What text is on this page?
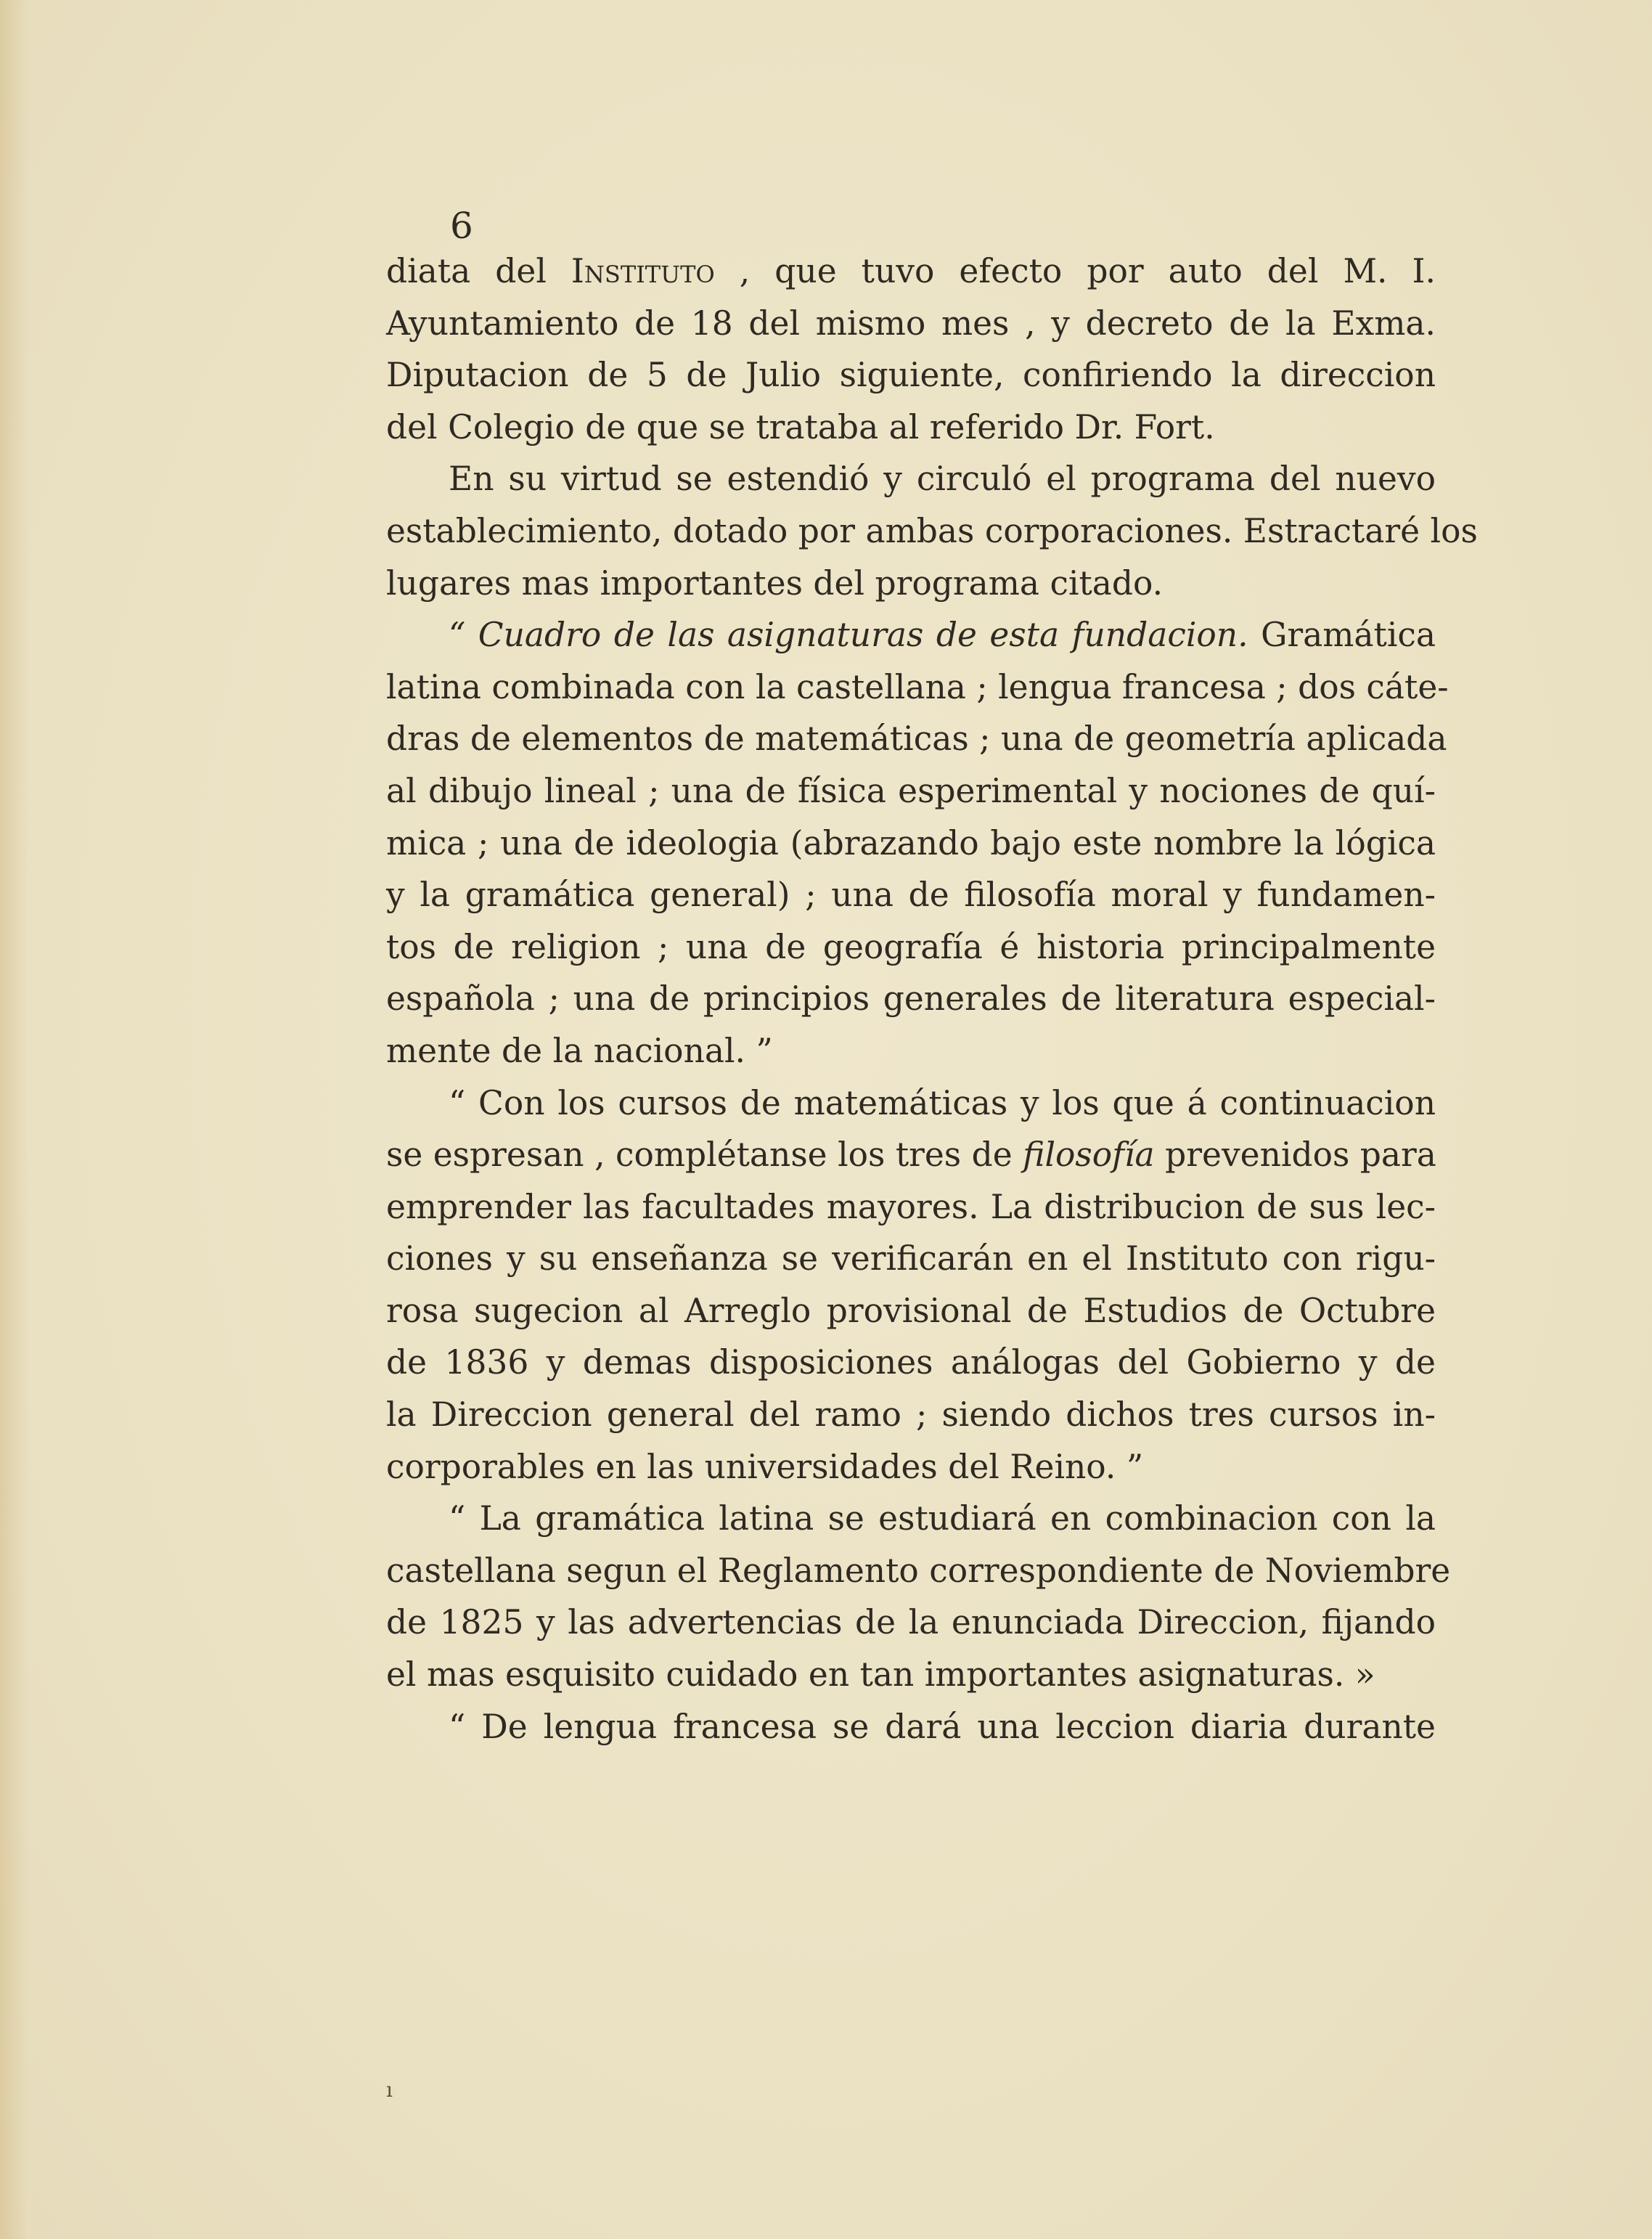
6
diata del Instituto , que tuvo efecto por auto del M. I.
Ayuntamiento de 18 del mismo mes , y decreto de la Exma.
Diputacion de 5 de Julio siguiente, confiriendo la direccion
del Colegio de que se trataba al referido Dr. Fort.
En su virtud se estendió y circuló el programa del nuevo
establecimiento, dotado por ambas corporaciones. Estractaré los
lugares mas importantes del programa citado.
“ Cuadro de las asignaturas de esta fundacion. Gramática
latina combinada con la castellana ; lengua francesa ; dos cáte-
dras de elementos de matemáticas ; una de geometría aplicada
al dibujo lineal ; una de física esperimental y nociones de quí-
mica ; una de ideologia (abrazando bajo este nombre la lógica
y la gramática general) ; una de filosofía moral y fundamen-
tos de religion ; una de geografía é historia principalmente
española ; una de principios generales de literatura especial-
mente de la nacional. ”
“ Con los cursos de matemáticas y los que á continuacion
se espresan , complétanse los tres de filosofía prevenidos para
emprender las facultades mayores. La distribucion de sus lec-
ciones y su enseñanza se verificarán en el Instituto con rigu-
rosa sugecion al Arreglo provisional de Estudios de Octubre
de 1836 y demas disposiciones análogas del Gobierno y de
la Direccion general del ramo ; siendo dichos tres cursos in-
corporables en las universidades del Reino. ”
“ La gramática latina se estudiará en combinacion con la
castellana segun el Reglamento correspondiente de Noviembre
de 1825 y las advertencias de la enunciada Direccion, fijando
el mas esquisito cuidado en tan importantes asignaturas. »
“ De lengua francesa se dará una leccion diaria durante
ı
